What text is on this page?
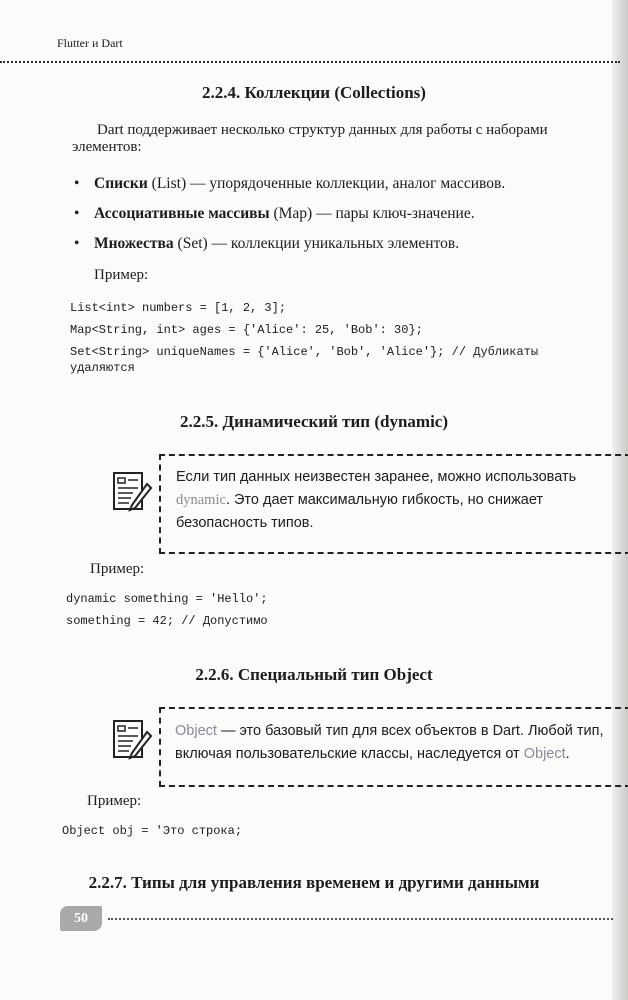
Flutter и Dart
2.2.4. Коллекции (Collections)
Dart поддерживает несколько структур данных для работы с наборами
элементов:
• Списки (List) — упорядоченные коллекции, аналог массивов.
• Ассоциативные массивы (Map) — пары ключ-значение.
• Множества (Set) — коллекции уникальных элементов.
Пример:
List<int> numbers = [1, 2, 3];
Map<String, int> ages = {'Alice': 25, 'Bob': 30};
Set<String> uniqueNames = {'Alice', 'Bob', 'Alice'}; // Дубликаты
удаляются
2.2.5. Динамический тип (dynamic)
Если тип данных неизвестен заранее, можно использовать
dynamic. Это дает максимальную гибкость, но снижает
безопасность типов.
Пример:
dynamic something = 'Hello';
something = 42; // Допустимо
2.2.6. Специальный тип Object
Object — это базовый тип для всех объектов в Dart. Любой тип,
включая пользовательские классы, наследуется от Object.
Пример:
Object obj = 'Это строка;
2.2.7. Типы для управления временем и другими данными
50
